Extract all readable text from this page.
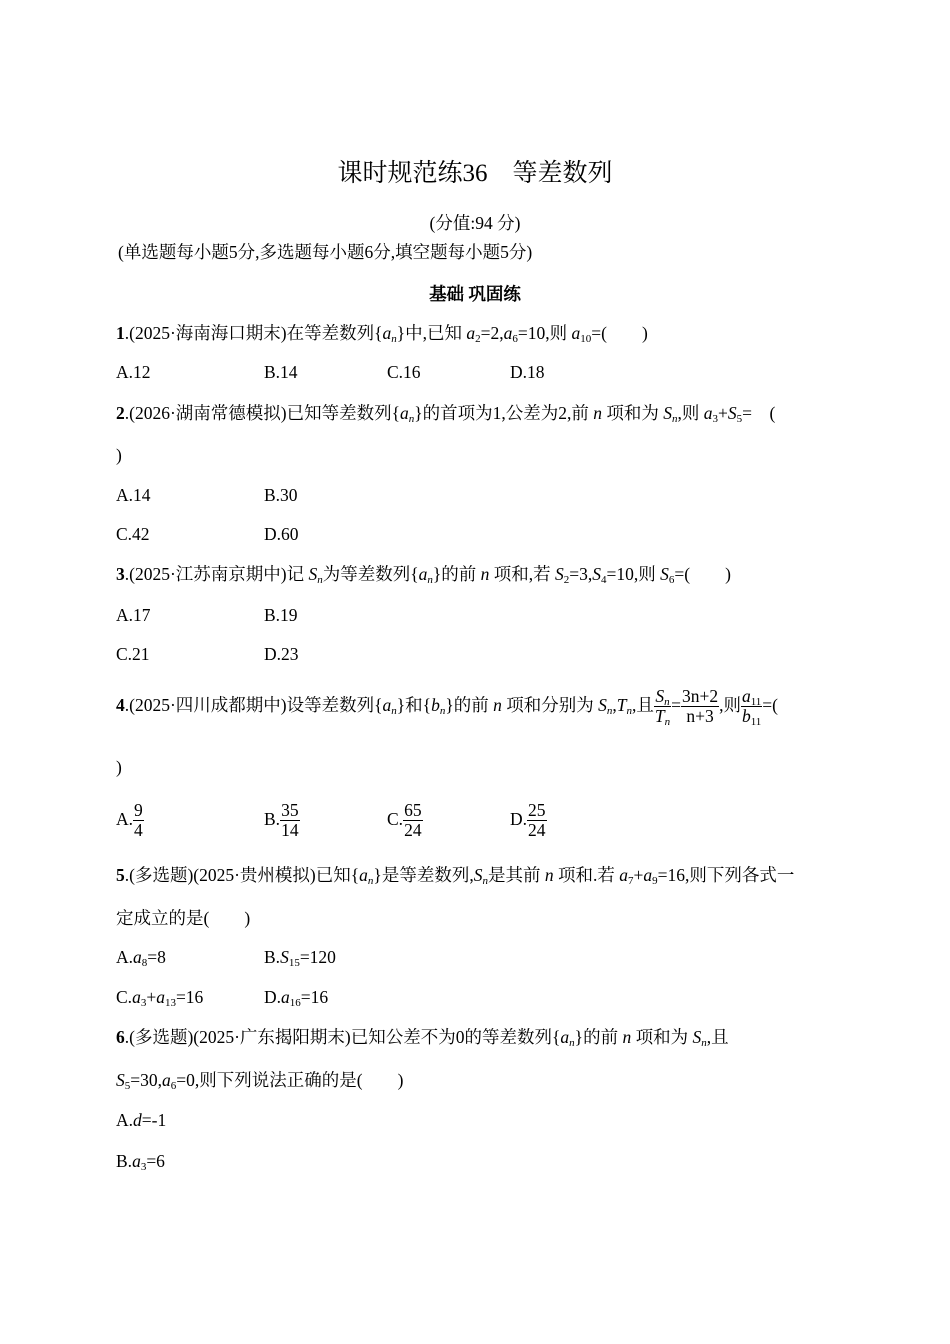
课时规范练36　等差数列
(分值:94 分)
(单选题每小题5分,多选题每小题6分,填空题每小题5分)
基础 巩固练
1.(2025·海南海口期末)在等差数列$\{a_n\}$中,已知 $a_2=2,a_6=10$,则 $a_{10}=$(　　)
A.12	B.14	C.16	D.18
2.(2026·湖南常德模拟)已知等差数列$\{a_n\}$的首项为1,公差为2,前 n 项和为 $S_n$,则 $a_3+S_5=$　(
)
A.14	B.30
C.42	D.60
3.(2025·江苏南京期中)记 $S_n$为等差数列$\{a_n\}$的前 n 项和,若 $S_2=3,S_4=10$,则 $S_6=$(　　)
A.17	B.19
C.21	D.23
4.(2025·四川成都期中)设等差数列$\{a_n\}$和$\{b_n\}$的前 n 项和分别为 $S_n,T_n$,且 $\frac{S_n}{T_n} = \frac{3n+2}{n+3}$ ,则 $\frac{a_{11}}{b_{11}}$ =(
)
A. $\frac{9}{4}$	B. $\frac{35}{14}$	C. $\frac{65}{24}$	D. $\frac{25}{24}$
5.(多选题)(2025·贵州模拟)已知$\{a_n\}$是等差数列$,S_n$是其前 n 项和.若 $a_7+a_9=16$,则下列各式一
定成立的是(　　)
$A.a_8=8$	$B.S_{15}=120$
$C.a_3+a_{13}=16$	$D.a_{16}=16$
6.(多选题)(2025·广东揭阳期末)已知公差不为0的等差数列$\{a_n\}$的前 n 项和为 $S_n$,且
$S_5=30,a_6=0$,则下列说法正确的是(　　)
A.d=-1
$B.a_3=6$
